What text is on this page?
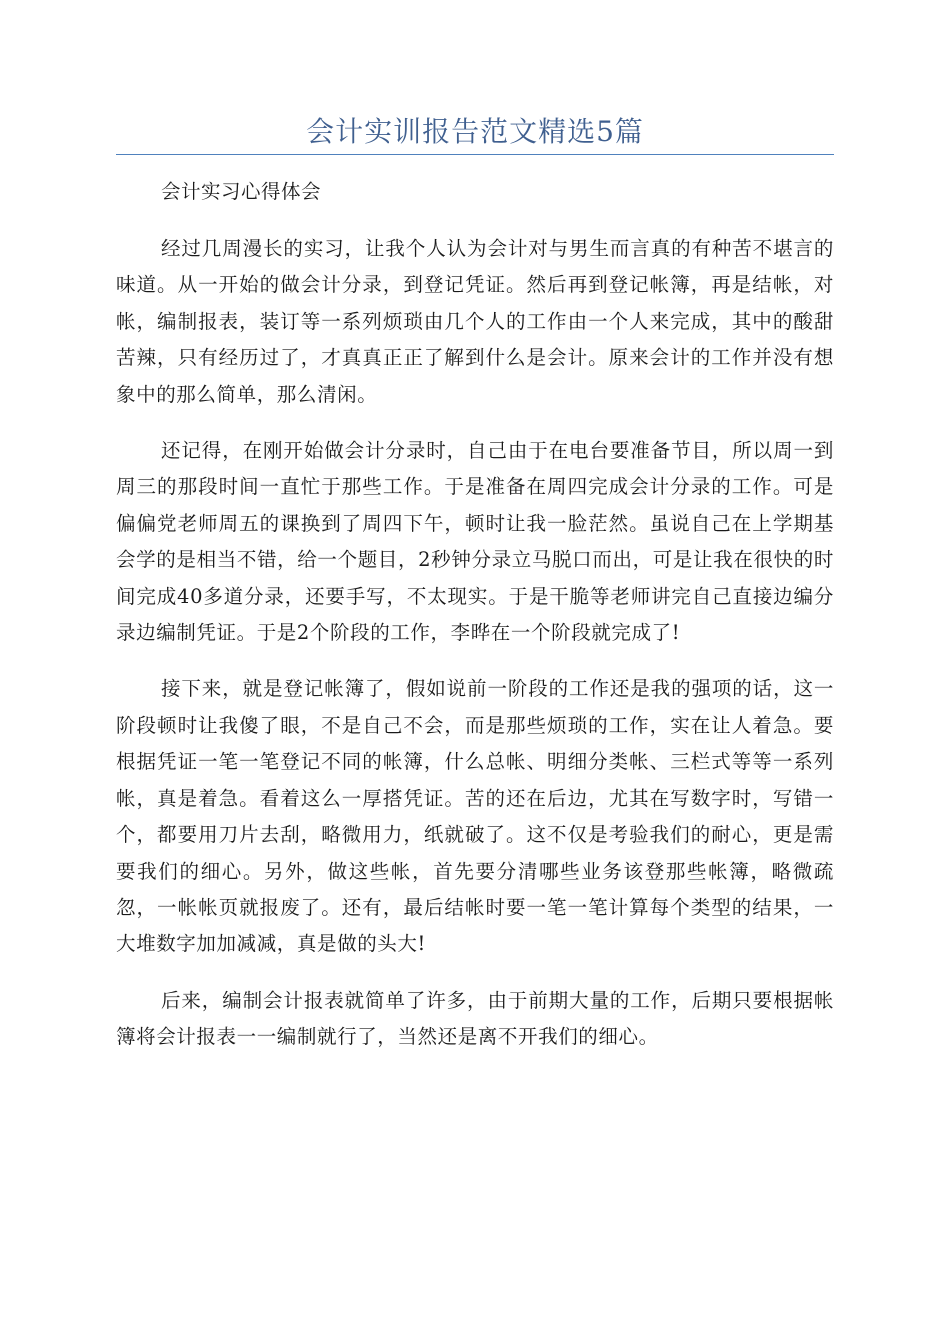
会计实训报告范文精选5篇

会计实习心得体会

经过几周漫长的实习，让我个人认为会计对与男生而言真的有种苦不堪言的味道。从一开始的做会计分录，到登记凭证。然后再到登记帐簿，再是结帐，对帐，编制报表，装订等一系列烦琐由几个人的工作由一个人来完成，其中的酸甜苦辣，只有经历过了，才真真正正了解到什么是会计。原来会计的工作并没有想象中的那么简单，那么清闲。

还记得，在刚开始做会计分录时，自己由于在电台要准备节目，所以周一到周三的那段时间一直忙于那些工作。于是准备在周四完成会计分录的工作。可是偏偏党老师周五的课换到了周四下午，顿时让我一脸茫然。虽说自己在上学期基会学的是相当不错，给一个题目，2秒钟分录立马脱口而出，可是让我在很快的时间完成40多道分录，还要手写，不太现实。于是干脆等老师讲完自己直接边编分录边编制凭证。于是2个阶段的工作，李晔在一个阶段就完成了!

接下来，就是登记帐簿了，假如说前一阶段的工作还是我的强项的话，这一阶段顿时让我傻了眼，不是自己不会，而是那些烦琐的工作，实在让人着急。要根据凭证一笔一笔登记不同的帐簿，什么总帐、明细分类帐、三栏式等等一系列帐，真是着急。看着这么一厚搭凭证。苦的还在后边，尤其在写数字时，写错一个，都要用刀片去刮，略微用力，纸就破了。这不仅是考验我们的耐心，更是需要我们的细心。另外，做这些帐，首先要分清哪些业务该登那些帐簿，略微疏忽，一帐帐页就报废了。还有，最后结帐时要一笔一笔计算每个类型的结果，一大堆数字加加减减，真是做的头大!

后来，编制会计报表就简单了许多，由于前期大量的工作，后期只要根据帐簿将会计报表一一编制就行了，当然还是离不开我们的细心。
